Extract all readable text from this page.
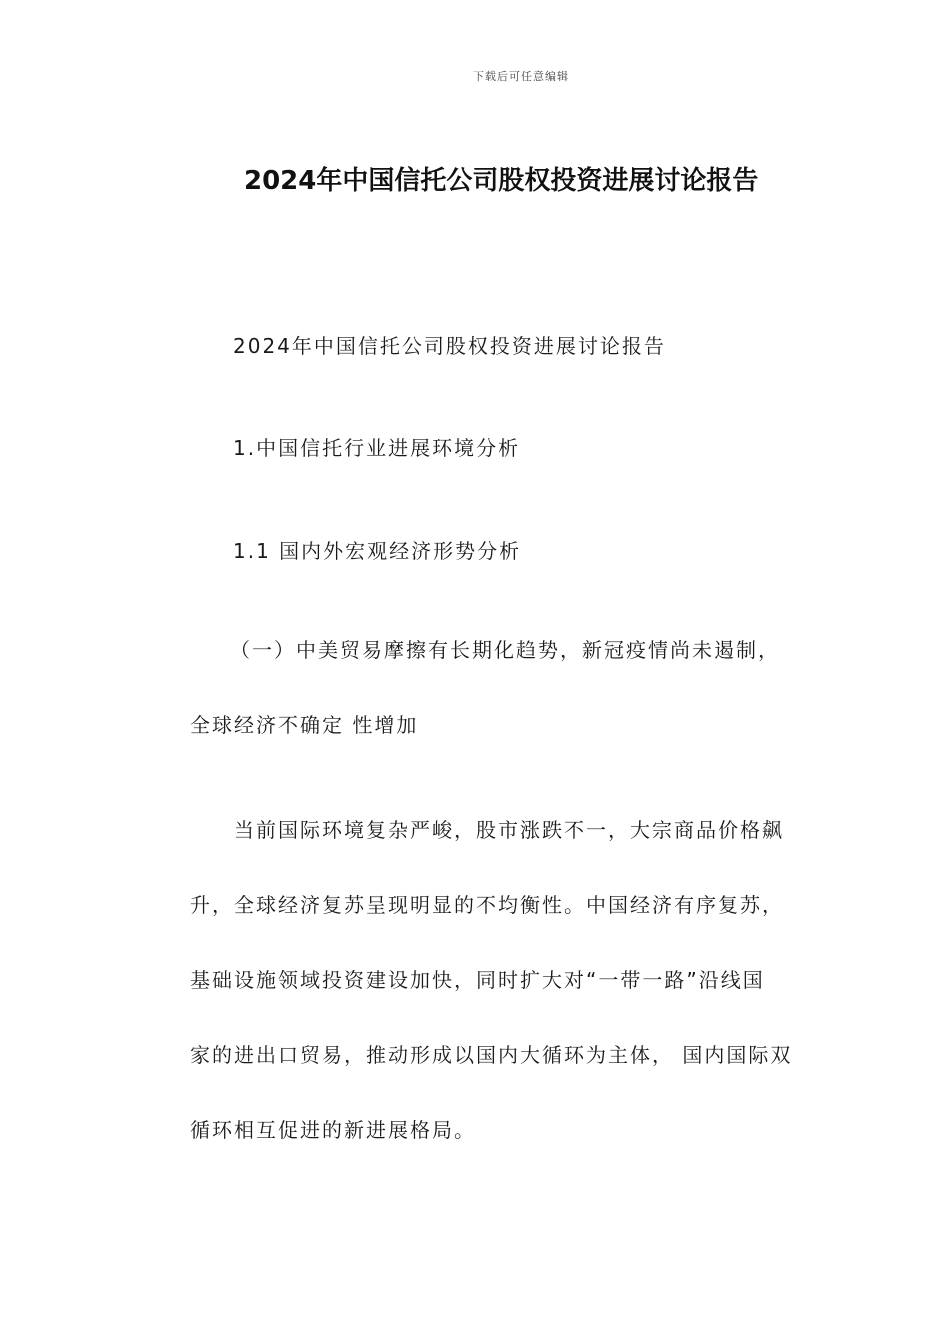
下载后可任意编辑
2024年中国信托公司股权投资进展讨论报告
2024年中国信托公司股权投资进展讨论报告
1.中国信托行业进展环境分析
1.1 国内外宏观经济形势分析
（一）中美贸易摩擦有长期化趋势，新冠疫情尚未遏制，
全球经济不确定 性增加
当前国际环境复杂严峻，股市涨跌不一，大宗商品价格飙
升，全球经济复苏呈现明显的不均衡性。中国经济有序复苏，
基础设施领域投资建设加快，同时扩大对“一带一路”沿线国
家的进出口贸易，推动形成以国内大循环为主体， 国内国际双
循环相互促进的新进展格局。
